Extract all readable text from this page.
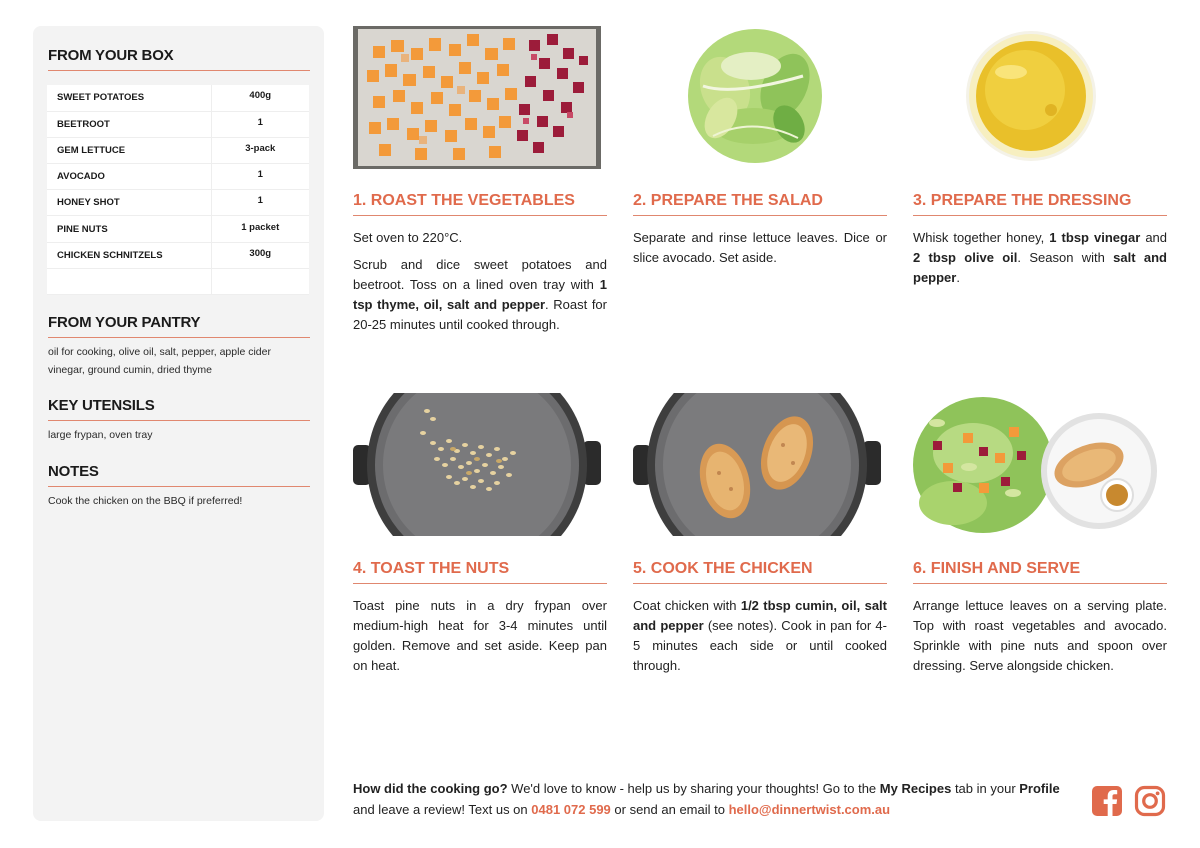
FROM YOUR BOX
SWEET POTATOES	400g
BEETROOT	1
GEM LETTUCE	3-pack
AVOCADO	1
HONEY SHOT	1
PINE NUTS	1 packet
CHICKEN SCHNITZELS	300g

FROM YOUR PANTRY
oil for cooking, olive oil, salt, pepper, apple cider vinegar, ground cumin, dried thyme
KEY UTENSILS
large frypan, oven tray
NOTES
Cook the chicken on the BBQ if preferred!
1. ROAST THE VEGETABLES

Set oven to 220°C.

Scrub and dice sweet potatoes and beetroot. Toss on a lined oven tray with 1 tsp thyme, oil, salt and pepper. Roast for 20-25 minutes until cooked through.

2. PREPARE THE SALAD

Separate and rinse lettuce leaves. Dice or slice avocado. Set aside.

3. PREPARE THE DRESSING

Whisk together honey, 1 tbsp vinegar and 2 tbsp olive oil. Season with salt and pepper.

4. TOAST THE NUTS

Toast pine nuts in a dry frypan over medium-high heat for 3-4 minutes until golden. Remove and set aside. Keep pan on heat.

5. COOK THE CHICKEN

Coat chicken with 1/2 tbsp cumin, oil, salt and pepper (see notes). Cook in pan for 4-5 minutes each side or until cooked through.

6. FINISH AND SERVE

Arrange lettuce leaves on a serving plate. Top with roast vegetables and avocado. Sprinkle with pine nuts and spoon over dressing. Serve alongside chicken.

How did the cooking go? We'd love to know - help us by sharing your thoughts! Go to the My Recipes tab in your Profile and leave a review! Text us on 0481 072 599 or send an email to hello@dinnertwist.com.au
